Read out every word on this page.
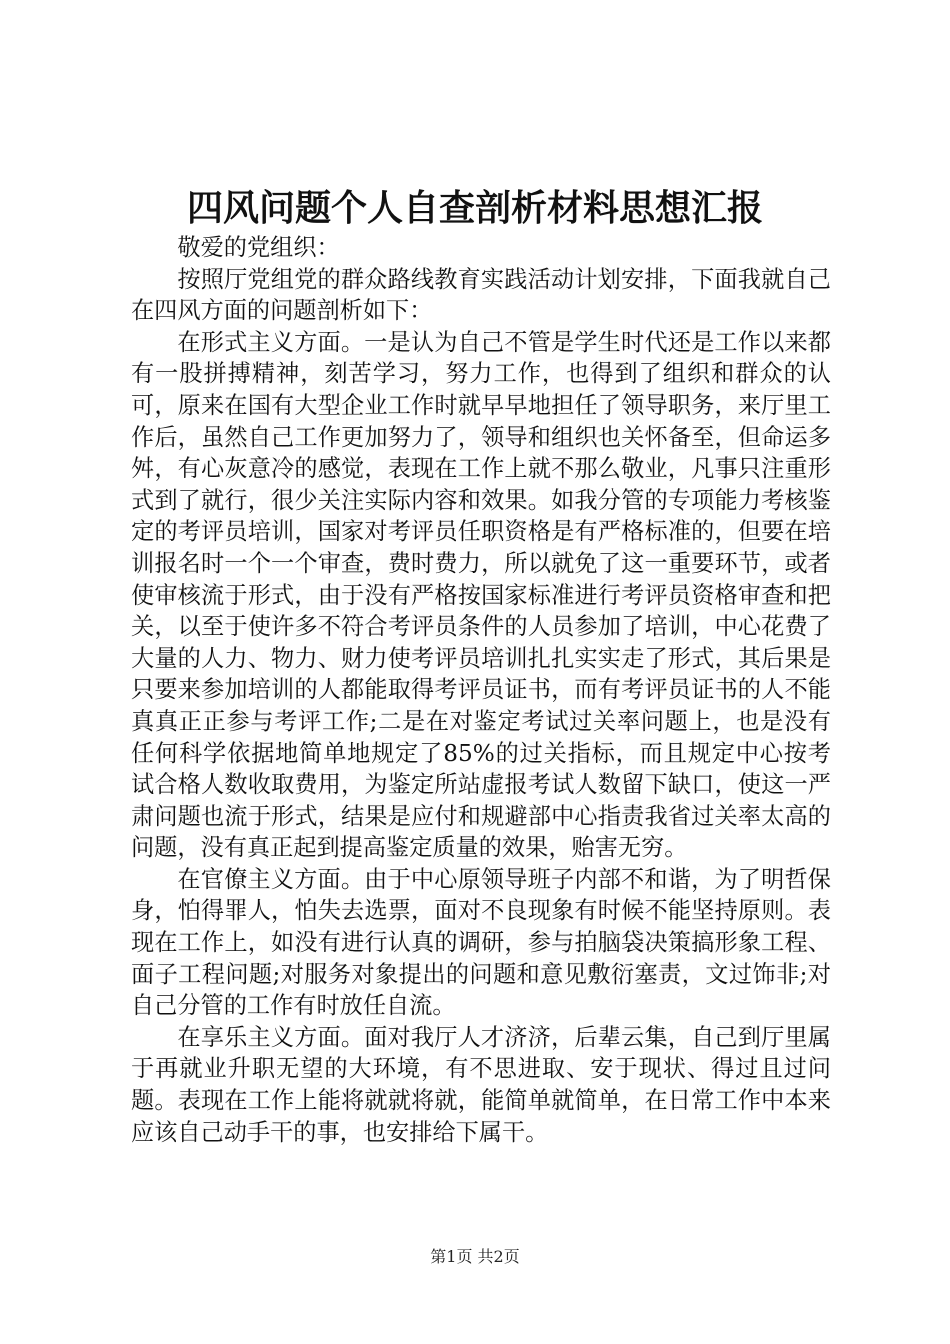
四风问题个人自查剖析材料思想汇报

敬爱的党组织：

按照厅党组党的群众路线教育实践活动计划安排，下面我就自己在四风方面的问题剖析如下：

在形式主义方面。一是认为自己不管是学生时代还是工作以来都有一股拼搏精神，刻苦学习，努力工作，也得到了组织和群众的认可，原来在国有大型企业工作时就早早地担任了领导职务，来厅里工作后，虽然自己工作更加努力了，领导和组织也关怀备至，但命运多舛，有心灰意冷的感觉，表现在工作上就不那么敬业，凡事只注重形式到了就行，很少关注实际内容和效果。如我分管的专项能力考核鉴定的考评员培训，国家对考评员任职资格是有严格标准的，但要在培训报名时一个一个审查，费时费力，所以就免了这一重要环节，或者使审核流于形式，由于没有严格按国家标准进行考评员资格审查和把关，以至于使许多不符合考评员条件的人员参加了培训，中心花费了大量的人力、物力、财力使考评员培训扎扎实实走了形式，其后果是只要来参加培训的人都能取得考评员证书，而有考评员证书的人不能真真正正参与考评工作;二是在对鉴定考试过关率问题上，也是没有任何科学依据地简单地规定了85%的过关指标，而且规定中心按考试合格人数收取费用，为鉴定所站虚报考试人数留下缺口，使这一严肃问题也流于形式，结果是应付和规避部中心指责我省过关率太高的问题，没有真正起到提高鉴定质量的效果，贻害无穷。

在官僚主义方面。由于中心原领导班子内部不和谐，为了明哲保身，怕得罪人，怕失去选票，面对不良现象有时候不能坚持原则。表现在工作上，如没有进行认真的调研，参与拍脑袋决策搞形象工程、面子工程问题;对服务对象提出的问题和意见敷衍塞责，文过饰非;对自己分管的工作有时放任自流。

在享乐主义方面。面对我厅人才济济，后辈云集，自己到厅里属于再就业升职无望的大环境，有不思进取、安于现状、得过且过问题。表现在工作上能将就就将就，能简单就简单，在日常工作中本来应该自己动手干的事，也安排给下属干。

第1页 共2页
